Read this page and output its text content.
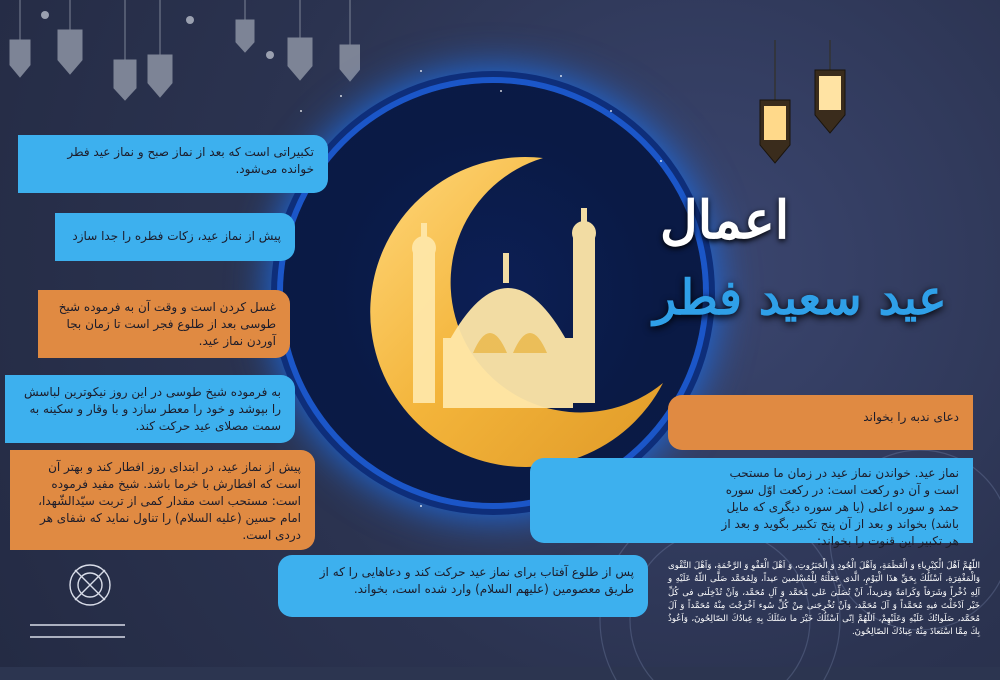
اعمال
عید سعید فطر
تکبیراتی است که بعد از نماز صبح و نماز عید فطر خوانده می‌شود.
پیش از نماز عید، زکات فطره را جدا سازد
غسل کردن است و وقت آن به فرموده شیخ طوسی بعد از طلوع فجر است تا زمان بجا آوردن نماز عید.
به فرموده شیخ طوسی در این روز نیکوترین لباسش را بپوشد و خود را معطر سازد و با وقار و سکینه به سمت مصلای عید حرکت کند.
پیش از نماز عید، در ابتدای روز افطار کند و بهتر آن است که افطارش با خرما باشد. شیخ مفید فرموده است: مستحب است مقدار کمی از تربت سیّدالشّهدا، امام حسین (علیه السلام) را تناول نماید که شفای هر دردی است.
پس از طلوع آفتاب برای نماز عید حرکت کند و دعاهایی را که از طریق معصومین (علیهم السلام) وارد شده است، بخواند.
دعای ندبه را بخواند
نماز عید. خواندن نماز عید در زمان ما مستحب است و آن دو رکعت است: در رکعت اوّل سوره حمد و سوره اعلی (یا هر سوره دیگری که مایل باشد) بخواند و بعد از آن پنج تکبیر بگوید و بعد از هر تکبیر این قنوت را بخواند:
اللّهُمَّ اَهْلَ الْكِبْرِياءِ وَ الْعَظَمَةِ، وَاَهْلَ الْجُودِ وَ الْجَبَرُوتِ، وَ اَهْلَ الْعَفْوِ وَ الرَّحْمَةِ، وَاَهْلَ التَّقْوى وَالْمَغْفِرَةِ، اَسْئَلُكَ بِحَقِّ هذَا الْيَوْمِ، الَّذى جَعَلْتَهُ لِلْمُسْلِمينَ عيداً، وَلِمُحَمَّد صَلَّى اللّهُ عَلَيْهِ و آلِهِ ذُخْراً وَشَرَفاً وَكَرامَةً وَمَزيداً، اَنْ تُصَلِّىَ عَلى مُحَمَّد وَ آلِ مُحَمَّد، وَاَنْ تُدْخِلَنى فى كُلِّ خَيْر اَدْخَلْتَ فيهِ مُحَمَّداً وَ آلَ مُحَمَّد، وَاَنْ تُخْرِجَنى مِنْ كُلِّ سُوء اَخْرَجْتَ مِنْهُ مُحَمَّداً وَ آلَ مُحَمَّد، صَلَواتُكَ عَلَيْهِ وَعَلَيْهِمْ، اَللّهُمَّ اِنّى اَسْئَلُكَ خَيْرَ ما سَئَلَكَ بِهِ عِبادُكَ الصّالِحُونَ، وَاَعُوذُ بِكَ مِمَّا اسْتَعاذَ مِنْهُ عِبادُكَ الصّالِحُونَ.
